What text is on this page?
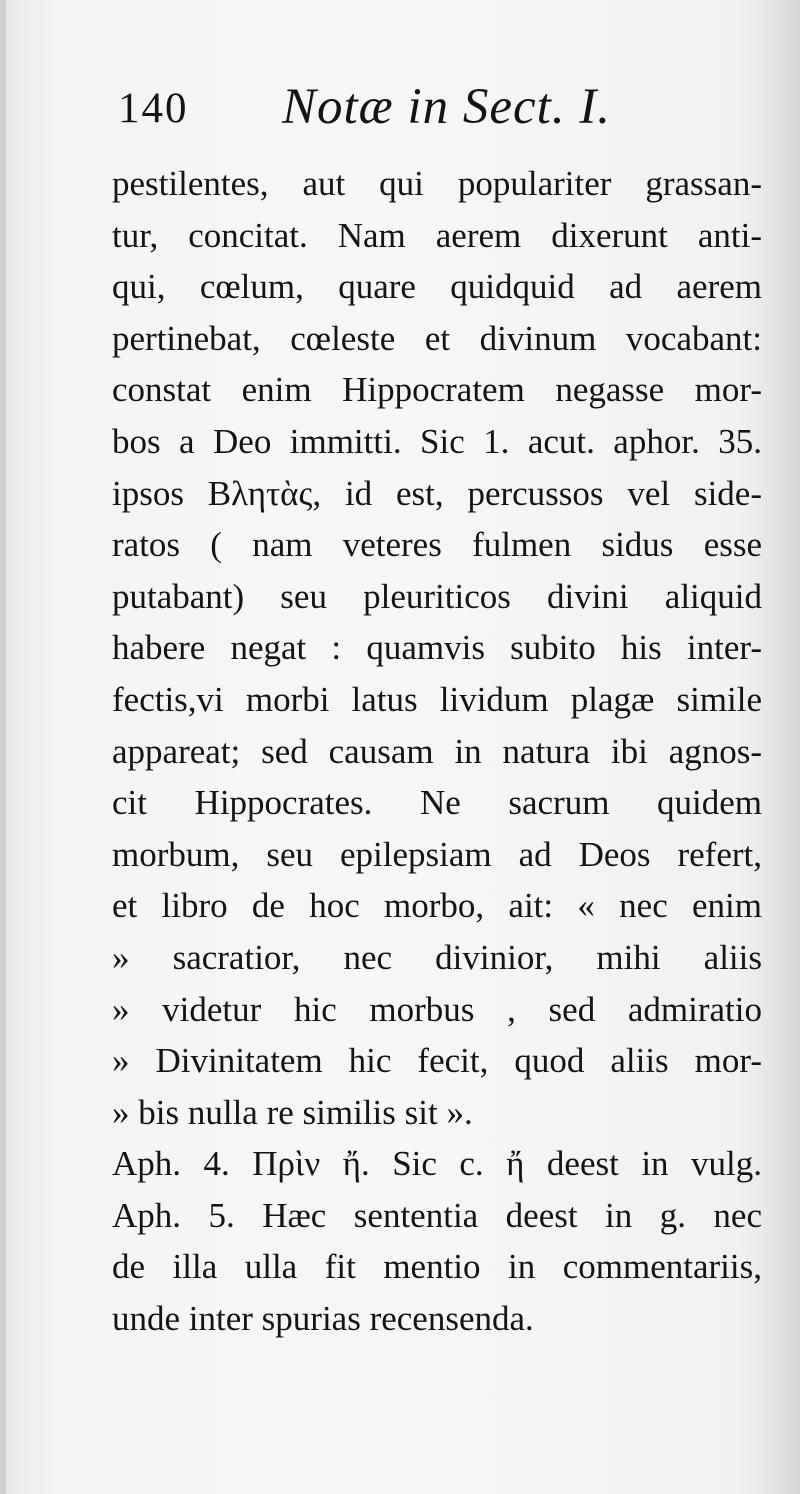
140 Notæ in Sect. I.
pestilentes, aut qui populariter grassan-
tur, concitat. Nam aerem dixerunt anti-
qui, cœlum, quare quidquid ad aerem
pertinebat, cœleste et divinum vocabant:
constat enim Hippocratem negasse mor-
bos a Deo immitti. Sic 1. acut. aphor. 35.
ipsos Βλητὰς, id est, percussos vel side-
ratos ( nam veteres fulmen sidus esse
putabant) seu pleuriticos divini aliquid
habere negat : quamvis subito his inter-
fectis,vi morbi latus lividum plagæ simile
appareat; sed causam in natura ibi agnos-
cit Hippocrates. Ne sacrum quidem
morbum, seu epilepsiam ad Deos refert,
et libro de hoc morbo, ait: « nec enim
» sacratior, nec divinior, mihi aliis
» videtur hic morbus , sed admiratio
» Divinitatem hic fecit, quod aliis mor-
» bis nulla re similis sit ».
Aph. 4. Πρὶν ἤ. Sic c. ἤ deest in vulg.
Aph. 5. Hæc sententia deest in g. nec
de illa ulla fit mentio in commentariis,
unde inter spurias recensenda.
